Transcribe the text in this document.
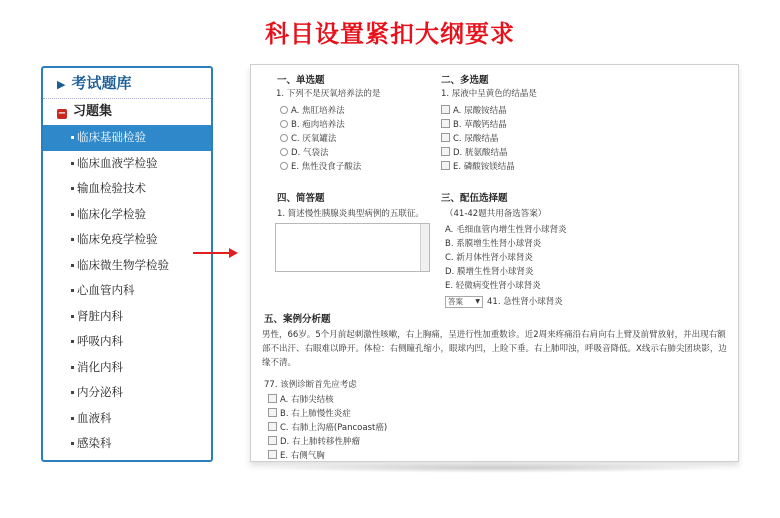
科目设置紧扣大纲要求
▶ 考试题库
− 习题集
临床基础检验
临床血液学检验
输血检验技术
临床化学检验
临床免疫学检验
临床微生物学检验
心血管内科
肾脏内科
呼吸内科
消化内科
内分泌科
血液科
感染科
一、单选题
1. 下列不是厌氧培养法的是
A. 焦肛培养法
B. 疱肉培养法
C. 厌氧罐法
D. 气袋法
E. 焦性没食子酸法
二、多选题
1. 尿液中呈黄色的结晶是
A. 尿酸铵结晶
B. 草酸钙结晶
C. 尿酸结晶
D. 胱氨酸结晶
E. 磷酸铵镁结晶
四、简答题
1. 简述慢性胰腺炎典型病例的五联征。
三、配伍选择题
（41-42题共用备选答案）
A. 毛细血管内增生性肾小球肾炎
B. 系膜增生性肾小球肾炎
C. 新月体性肾小球肾炎
D. 膜增生性肾小球肾炎
E. 轻微病变性肾小球肾炎
答案 ▼ 41. 急性肾小球肾炎
五、案例分析题
男性，66岁。5个月前起刺激性咳嗽，右上胸痛，呈进行性加重数诊。近2周来疼痛沿右肩向右上臂及前臂放射，并出现右额部不出汗、右眼难以睁开。体检：右侧瞳孔缩小，眼球内凹，上睑下垂。右上肺叩浊，呼吸音降低。X线示右肺尖团块影，边缘不清。
77. 该例诊断首先应考虑
A. 右肺尖结核
B. 右上肺慢性炎症
C. 右肺上沟癌(Pancoast癌)
D. 右上肺转移性肿瘤
E. 右侧气胸
